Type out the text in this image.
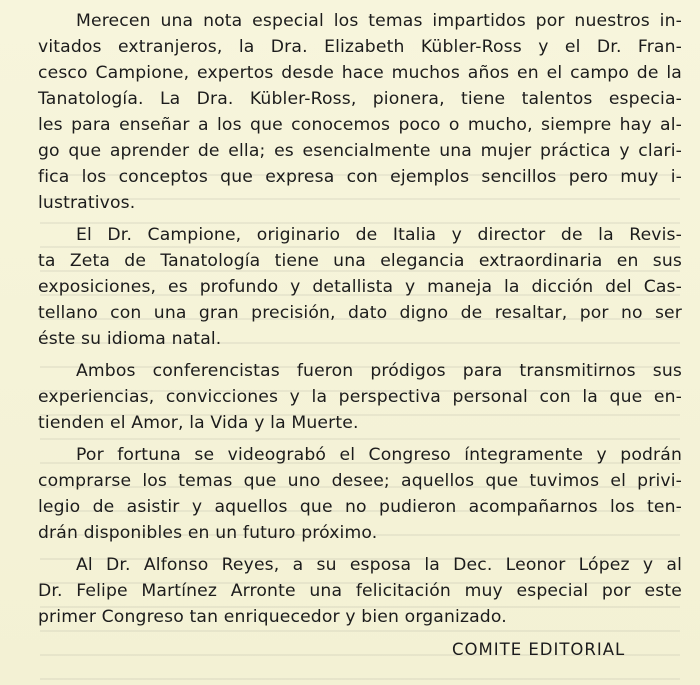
Merecen una nota especial los temas impartidos por nuestros in-

vitados extranjeros, la Dra. Elizabeth Kübler-Ross y el Dr. Fran-

cesco Campione, expertos desde hace muchos años en el campo de la

Tanatología. La Dra. Kübler-Ross, pionera, tiene talentos especia-

les para enseñar a los que conocemos poco o mucho, siempre hay al-

go que aprender de ella; es esencialmente una mujer práctica y clari-

fica los conceptos que expresa con ejemplos sencillos pero muy i-

lustrativos.

El Dr. Campione, originario de Italia y director de la Revis-

ta Zeta de Tanatología tiene una elegancia extraordinaria en sus

exposiciones, es profundo y detallista y maneja la dicción del Cas-

tellano con una gran precisión, dato digno de resaltar, por no ser

éste su idioma natal.

Ambos conferencistas fueron pródigos para transmitirnos sus

experiencias, convicciones y la perspectiva personal con la que en-

tienden el Amor, la Vida y la Muerte.

Por fortuna se videograbó el Congreso íntegramente y podrán

comprarse los temas que uno desee; aquellos que tuvimos el privi-

legio de asistir y aquellos que no pudieron acompañarnos los ten-

drán disponibles en un futuro próximo.

Al Dr. Alfonso Reyes, a su esposa la Dec. Leonor López y al

Dr. Felipe Martínez Arronte una felicitación muy especial por este

primer Congreso tan enriquecedor y bien organizado.

COMITE EDITORIAL
